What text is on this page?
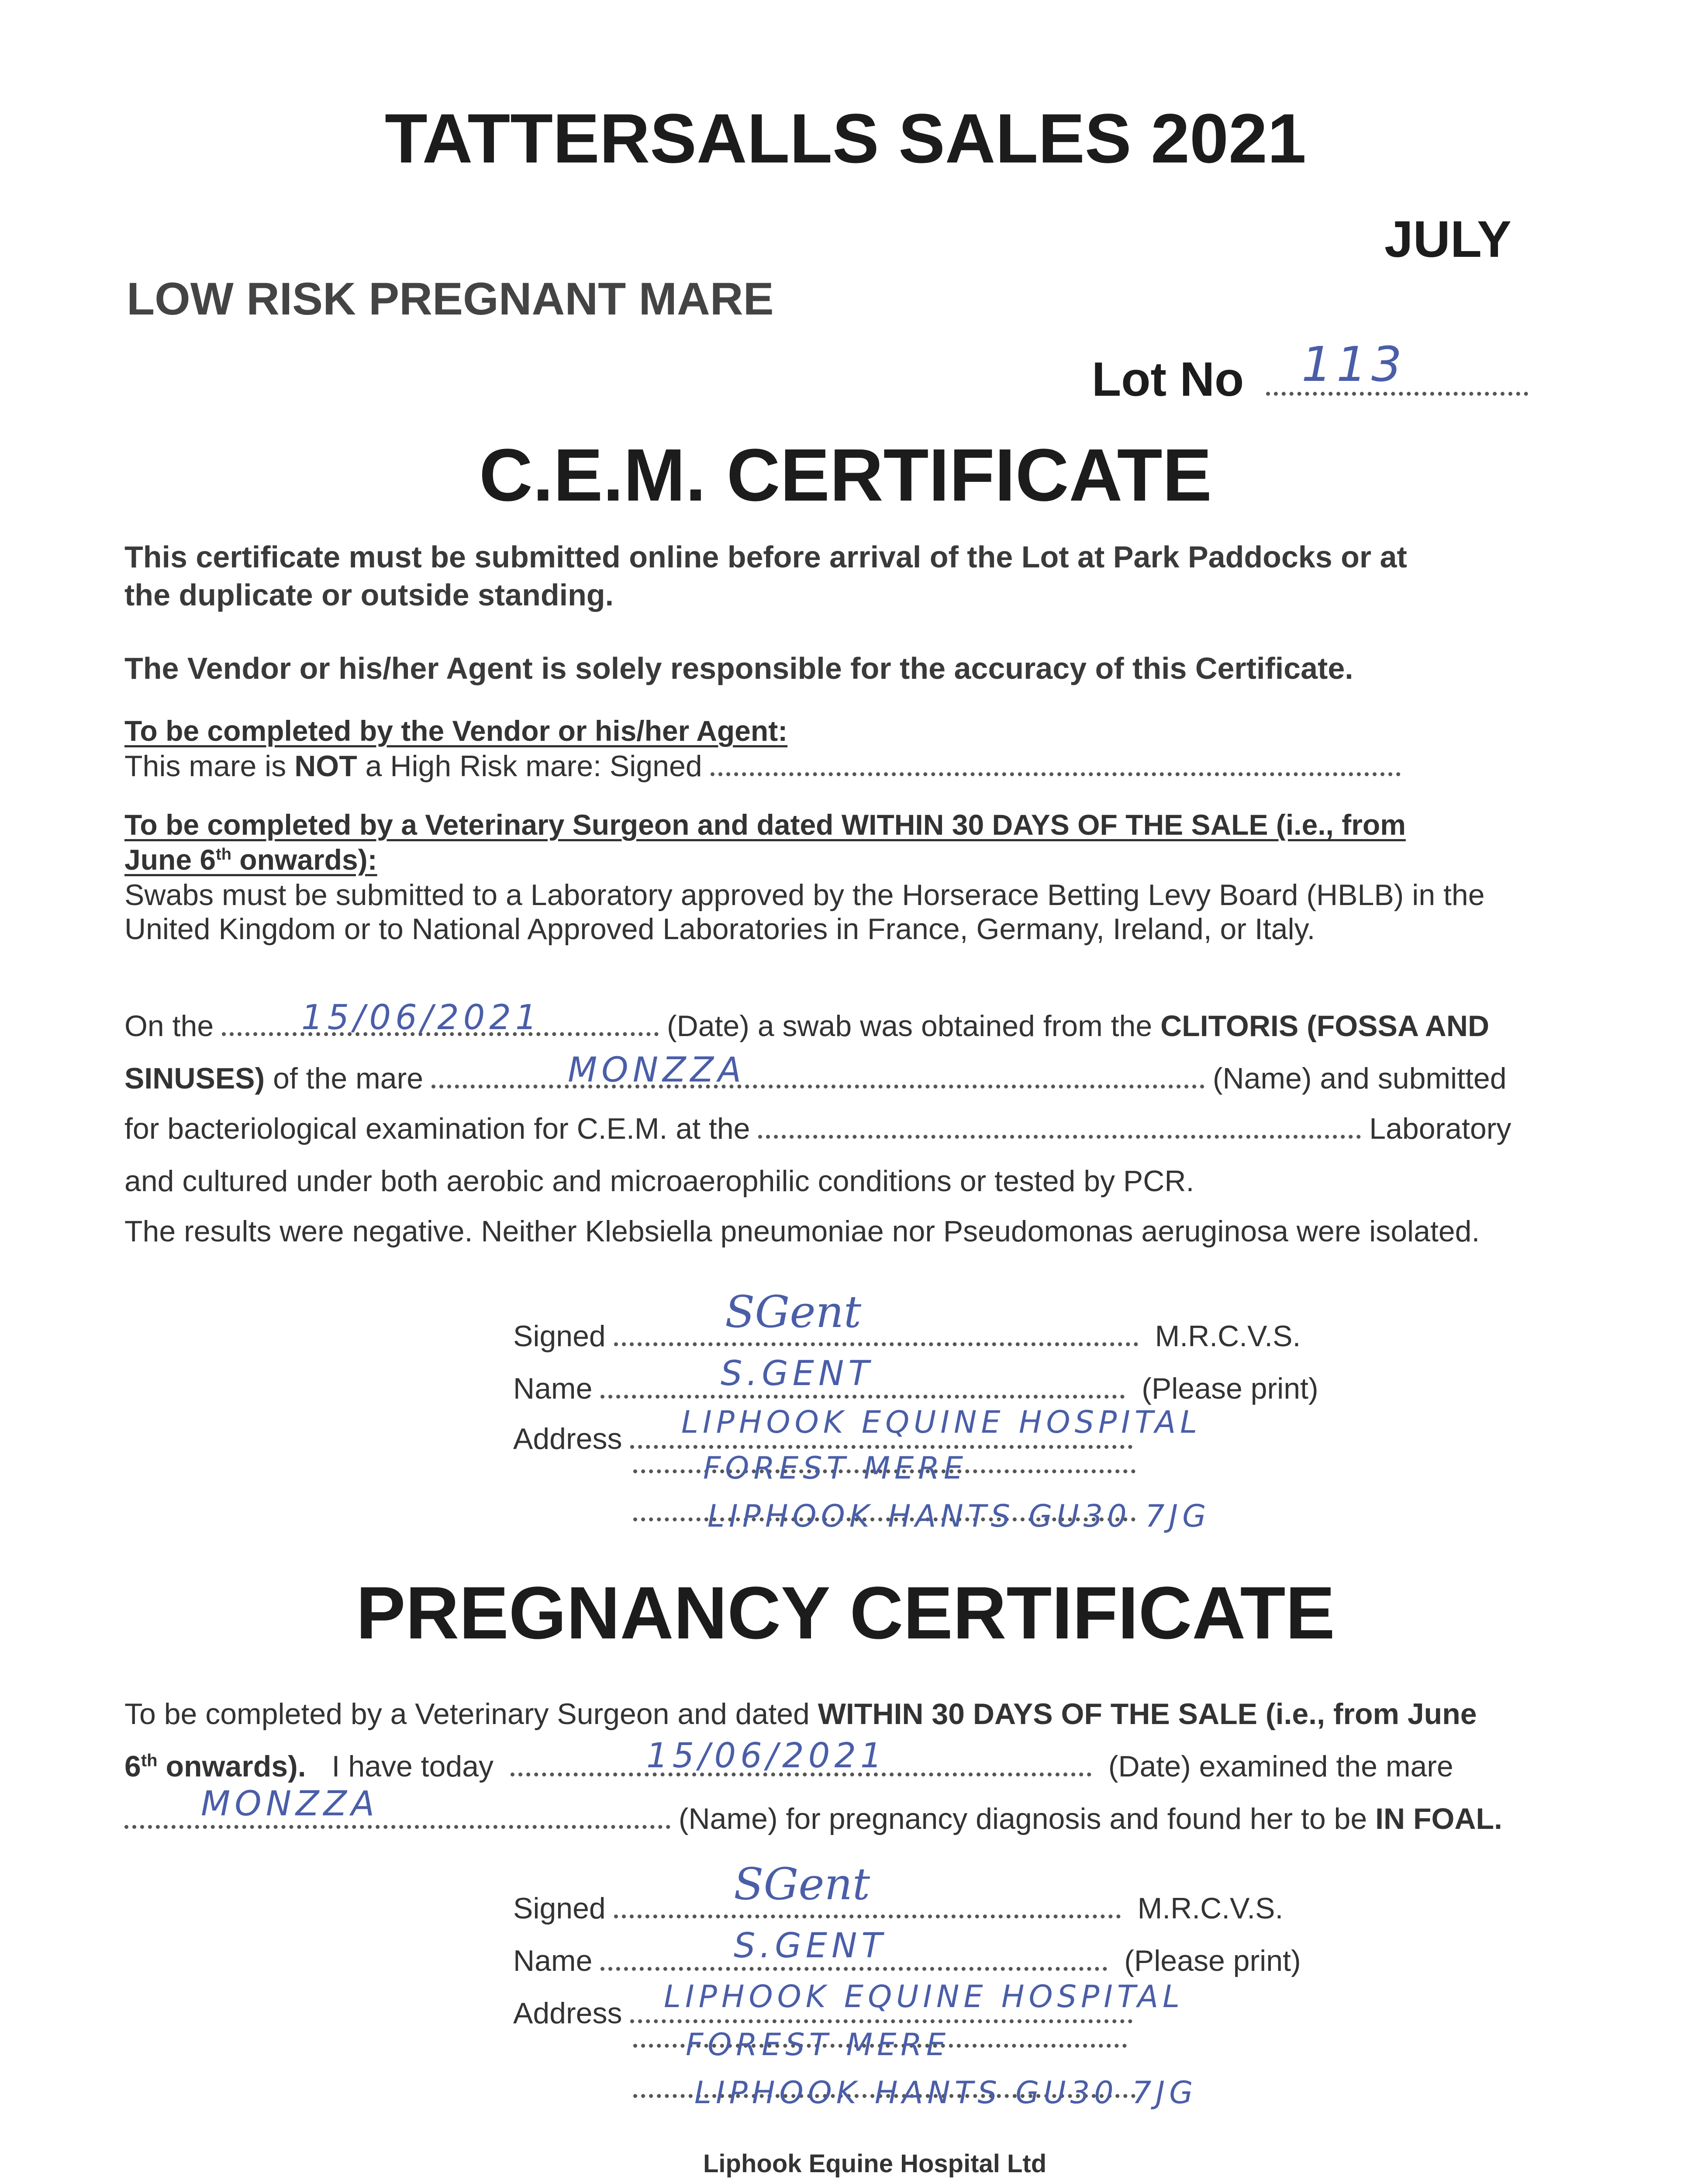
TATTERSALLS SALES 2021
JULY
LOW RISK PREGNANT MARE
Lot No	113
C.E.M. CERTIFICATE
This certificate must be submitted online before arrival of the Lot at Park Paddocks or at
the duplicate or outside standing.
The Vendor or his/her Agent is solely responsible for the accuracy of this Certificate.
To be completed by the Vendor or his/her Agent:
This mare is NOT a High Risk mare: Signed
To be completed by a Veterinary Surgeon and dated WITHIN 30 DAYS OF THE SALE (i.e., from
June 6th onwards):
Swabs must be submitted to a Laboratory approved by the Horserace Betting Levy Board (HBLB) in the
United Kingdom or to National Approved Laboratories in France, Germany, Ireland, or Italy.
On the	(Date) a swab was obtained from the CLITORIS (FOSSA AND
15/06/2021
SINUSES) of the mare	(Name) and submitted
MONZZA
for bacteriological examination for C.E.M. at the	Laboratory
and cultured under both aerobic and microaerophilic conditions or tested by PCR.
The results were negative. Neither Klebsiella pneumoniae nor Pseudomonas aeruginosa were isolated.
Signed	M.R.C.V.S.
SGent
Name	(Please print)
S.GENT
Address	LIPHOOK EQUINE HOSPITAL
FOREST MERE
LIPHOOK HANTS GU30 7JG
PREGNANCY CERTIFICATE
To be completed by a Veterinary Surgeon and dated WITHIN 30 DAYS OF THE SALE (i.e., from June
6th onwards). I have today	(Date) examined the mare
15/06/2021
(Name) for pregnancy diagnosis and found her to be IN FOAL.
MONZZA
Signed	M.R.C.V.S.
SGent
Name	(Please print)
S.GENT
Address	LIPHOOK EQUINE HOSPITAL
FOREST MERE
LIPHOOK HANTS GU30 7JG
Liphook Equine Hospital Ltd
